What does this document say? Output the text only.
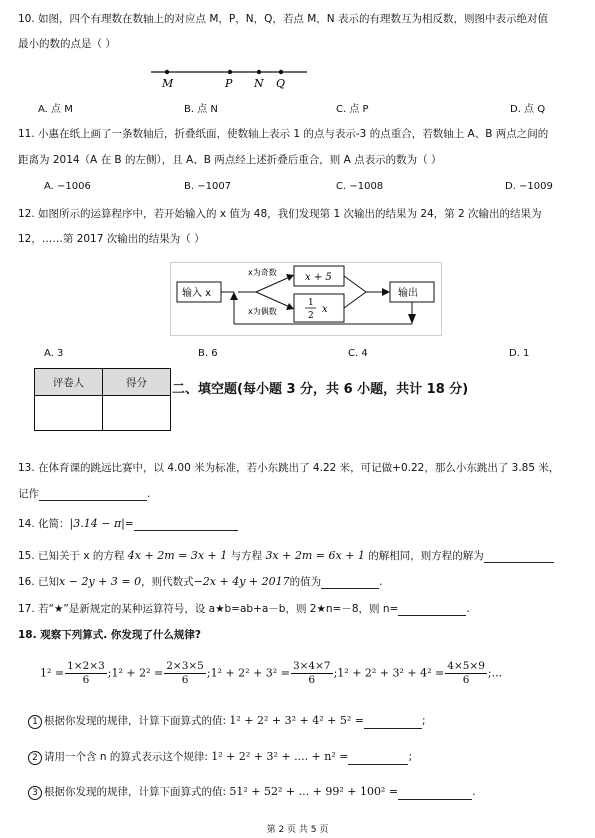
10. 如图，四个有理数在数轴上的对应点 M，P，N，Q，若点 M，N 表示的有理数互为相反数，则图中表示绝对值
最小的数的点是（ ）
M	P N Q
A. 点 M	B. 点 N	C. 点 P	D. 点 Q
11. 小惠在纸上画了一条数轴后，折叠纸面，使数轴上表示 1 的点与表示-3 的点重合，若数轴上 A、B 两点之间的
距离为 2014（A 在 B 的左侧），且 A、B 两点经上述折叠后重合，则 A 点表示的数为（ ）
A. −1006	B. −1007	C. −1008	D. −1009
12. 如图所示的运算程序中，若开始输入的 x 值为 48，我们发现第 1 次输出的结果为 24，第 2 次输出的结果为
12，……第 2017 次输出的结果为（ ）
输入 x
x为奇数
x为偶数
x + 5
1
2
x
输出
A. 3	B. 6	C. 4	D. 1
评卷人	得分
	二、填空题(每小题 3 分，共 6 小题，共计 18 分)
13. 在体育课的跳远比赛中，以 4.00 米为标准，若小东跳出了 4.22 米，可记做+0.22，那么小东跳出了 3.85 米，
记作	.
14. 化简：|3.14 − π|=
15. 已知关于 x 的方程 4x + 2m = 3x + 1 与方程 3x + 2m = 6x + 1 的解相同，则方程的解为
16. 已知x − 2y + 3 = 0，则代数式−2x + 4y + 2017的值为	.
17. 若“★”是新规定的某种运算符号，设 a★b=ab+a－b，则 2★n=－8，则 n=	.
18. 观察下列算式. 你发现了什么规律?
$1^2 = \frac{1\times 2\times 3}{6}$ ;1² + $2^2 = \frac{2\times 3\times 5}{6}$ ;1² + $2^2 + 3^2 = \frac{3\times 4\times 7}{6}$ ;1² + $2^2 + 3^2 + 4^2 = \frac{4\times 5\times 9}{6}$ ;...
1 根据你发现的规律，计算下面算式的值: 1² + 2² + 3² + 4² + 5² =	;
2 请用一个含 n 的算式表示这个规律: 1² + 2² + 3² + .... + n² =	;
3 根据你发现的规律，计算下面算式的值: 51² + 52² + ... + 99² + 100² =	.
第 2 页 共 5 页
